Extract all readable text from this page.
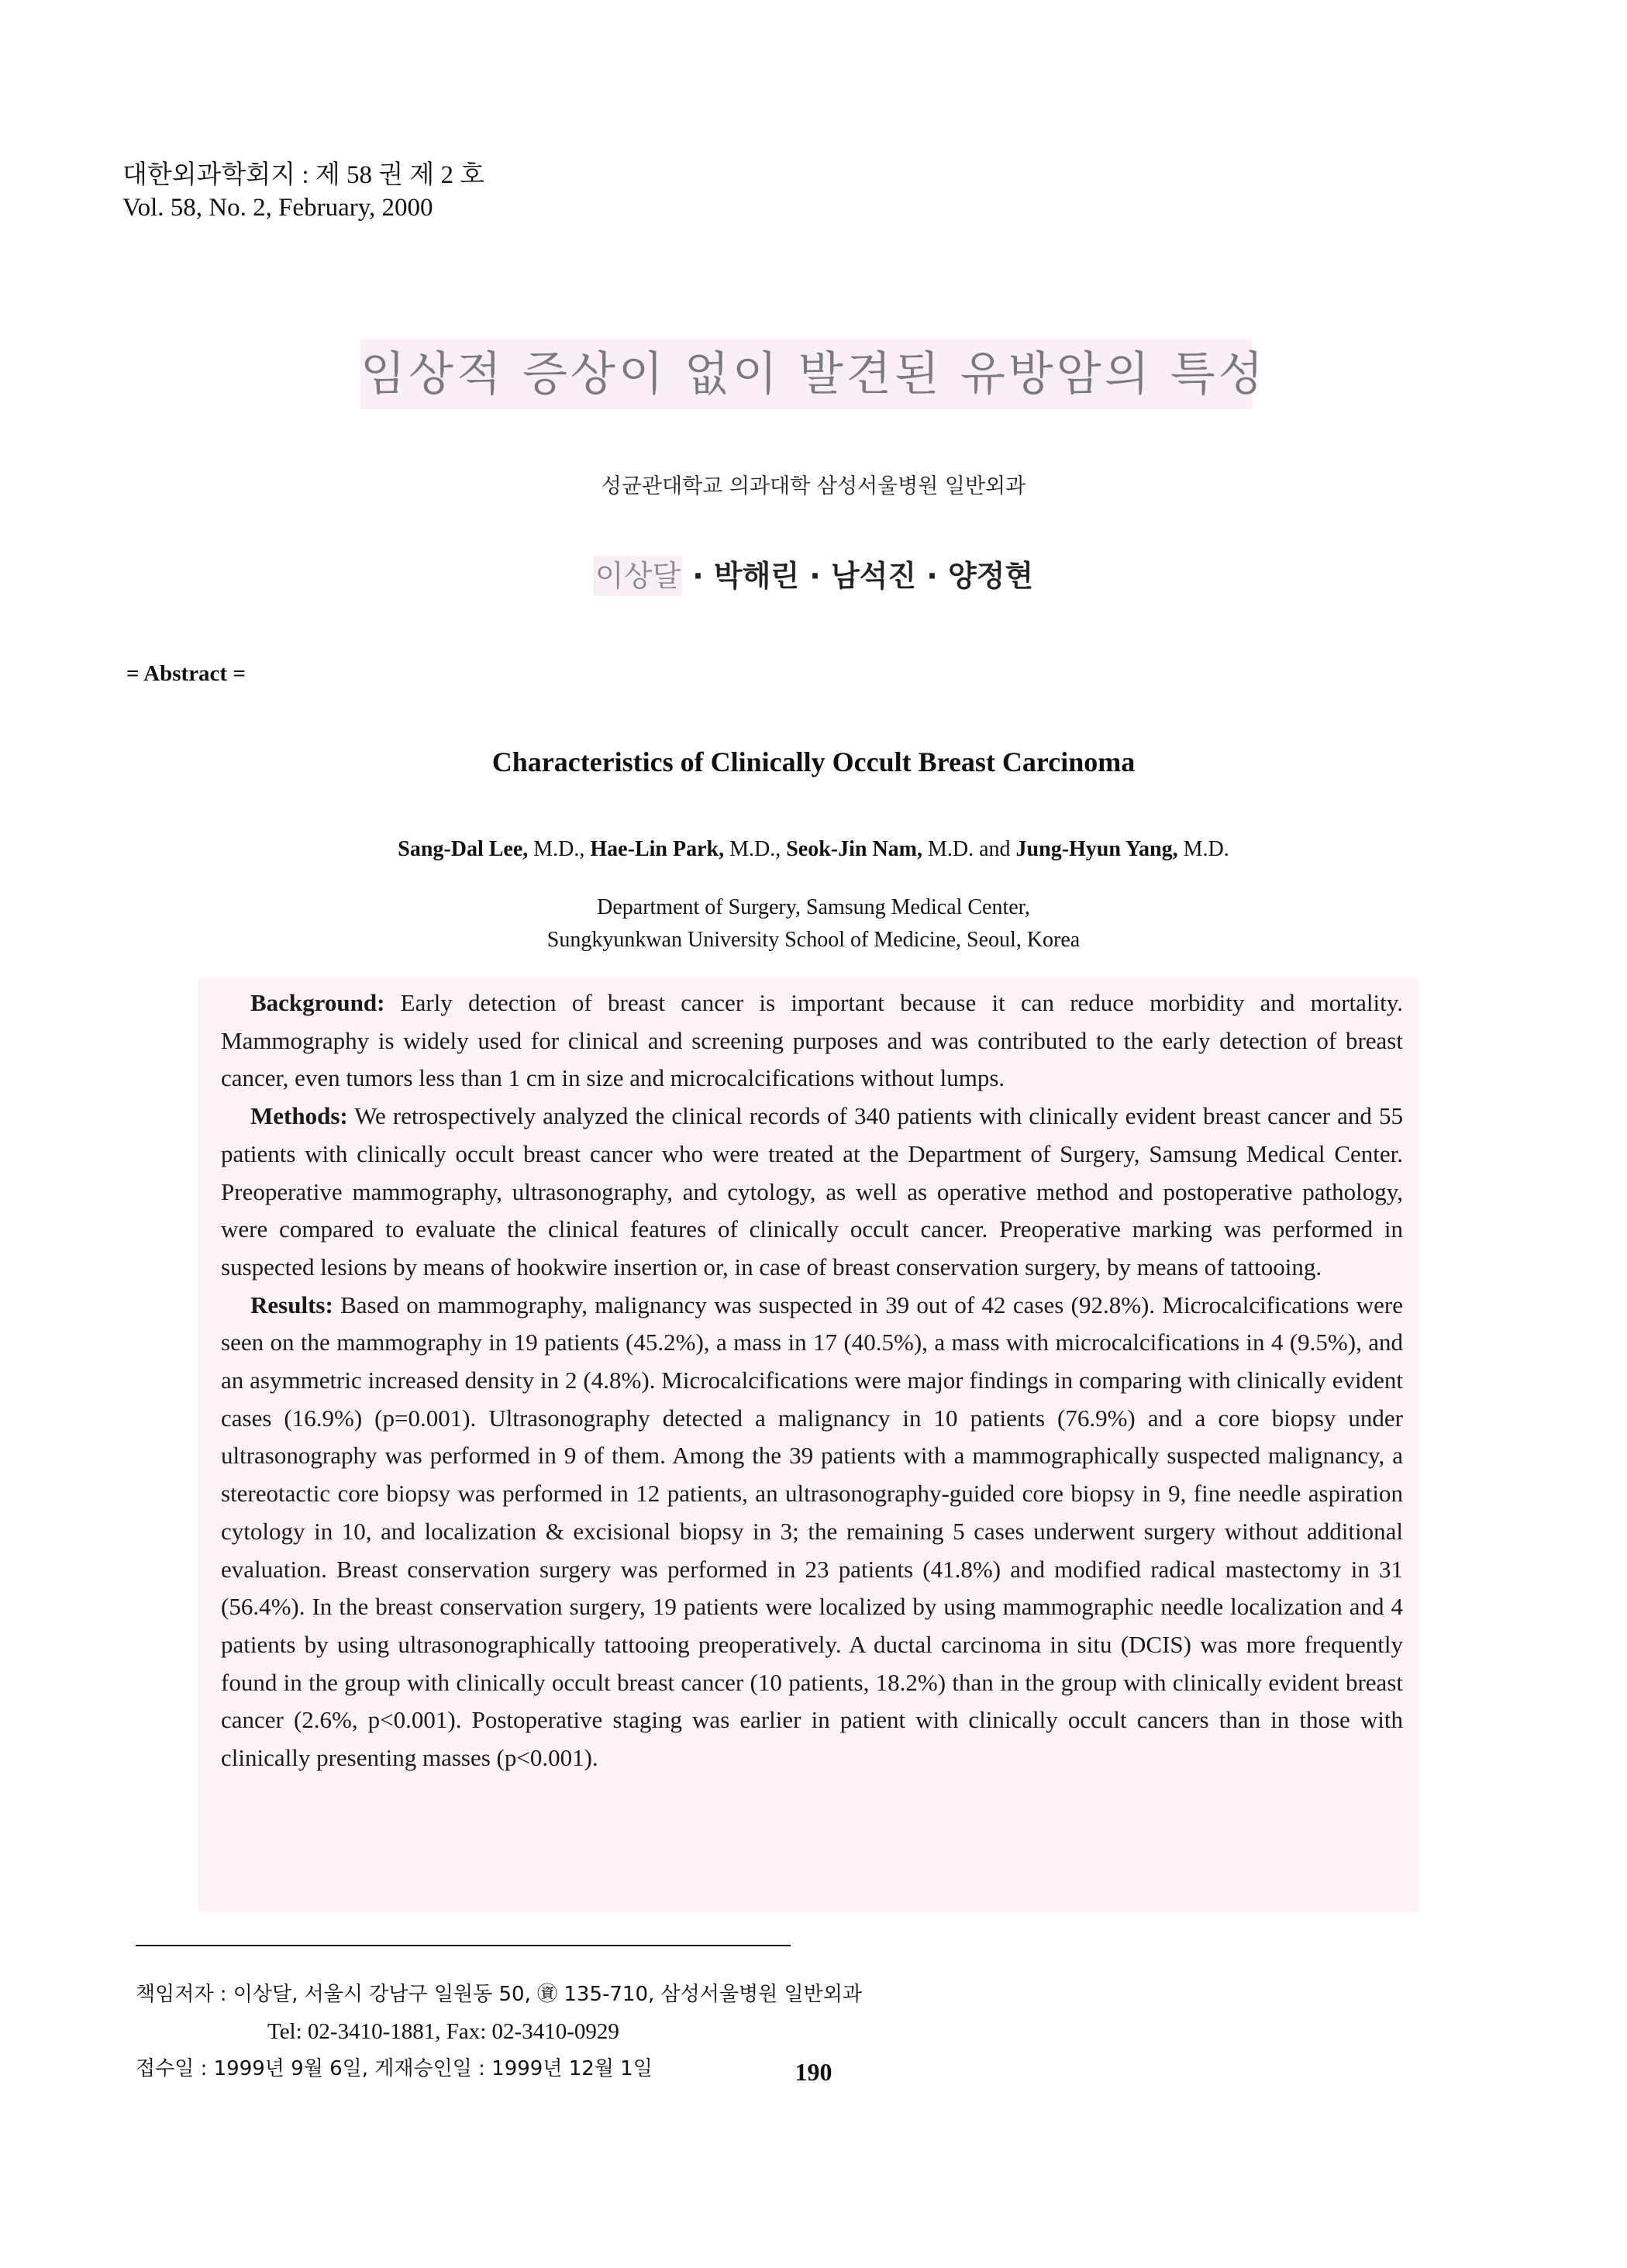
대한외과학회지 : 제 58 권 제 2 호
Vol. 58, No. 2, February, 2000
임상적 증상이 없이 발견된 유방암의 특성
성균관대학교 의과대학 삼성서울병원 일반외과
이상달 · 박해린 · 남석진 · 양정현
= Abstract =
Characteristics of Clinically Occult Breast Carcinoma
Sang-Dal Lee, M.D., Hae-Lin Park, M.D., Seok-Jin Nam, M.D. and Jung-Hyun Yang, M.D.
Department of Surgery, Samsung Medical Center,
Sungkyunkwan University School of Medicine, Seoul, Korea

Background: Early detection of breast cancer is important because it can reduce morbidity and mortality. Mammography is widely used for clinical and screening purposes and was contributed to the early detection of breast cancer, even tumors less than 1 cm in size and microcalcifications without lumps.

Methods: We retrospectively analyzed the clinical records of 340 patients with clinically evident breast cancer and 55 patients with clinically occult breast cancer who were treated at the Department of Surgery, Samsung Medical Center. Preoperative mammography, ultrasonography, and cytology, as well as operative method and postoperative pathology, were compared to evaluate the clinical features of clinically occult cancer. Preoperative marking was performed in suspected lesions by means of hookwire insertion or, in case of breast conservation surgery, by means of tattooing.

Results: Based on mammography, malignancy was suspected in 39 out of 42 cases (92.8%). Microcalcifications were seen on the mammography in 19 patients (45.2%), a mass in 17 (40.5%), a mass with microcalcifications in 4 (9.5%), and an asymmetric increased density in 2 (4.8%). Microcalcifications were major findings in comparing with clinically evident cases (16.9%) (p=0.001). Ultrasonography detected a malignancy in 10 patients (76.9%) and a core biopsy under ultrasonography was performed in 9 of them. Among the 39 patients with a mammographically suspected malignancy, a stereotactic core biopsy was performed in 12 patients, an ultrasonography-guided core biopsy in 9, fine needle aspiration cytology in 10, and localization & excisional biopsy in 3; the remaining 5 cases underwent surgery without additional evaluation. Breast conservation surgery was performed in 23 patients (41.8%) and modified radical mastectomy in 31 (56.4%). In the breast conservation surgery, 19 patients were localized by using mammographic needle localization and 4 patients by using ultrasonographically tattooing preoperatively. A ductal carcinoma in situ (DCIS) was more frequently found in the group with clinically occult breast cancer (10 patients, 18.2%) than in the group with clinically evident breast cancer (2.6%, p<0.001). Postoperative staging was earlier in patient with clinically occult cancers than in those with clinically presenting masses (p<0.001).

책임저자 : 이상달, 서울시 강남구 일원동 50, ㊮ 135-710, 삼성서울병원 일반외과
Tel: 02-3410-1881, Fax: 02-3410-0929
접수일 : 1999년 9월 6일, 게재승인일 : 1999년 12월 1일	190
